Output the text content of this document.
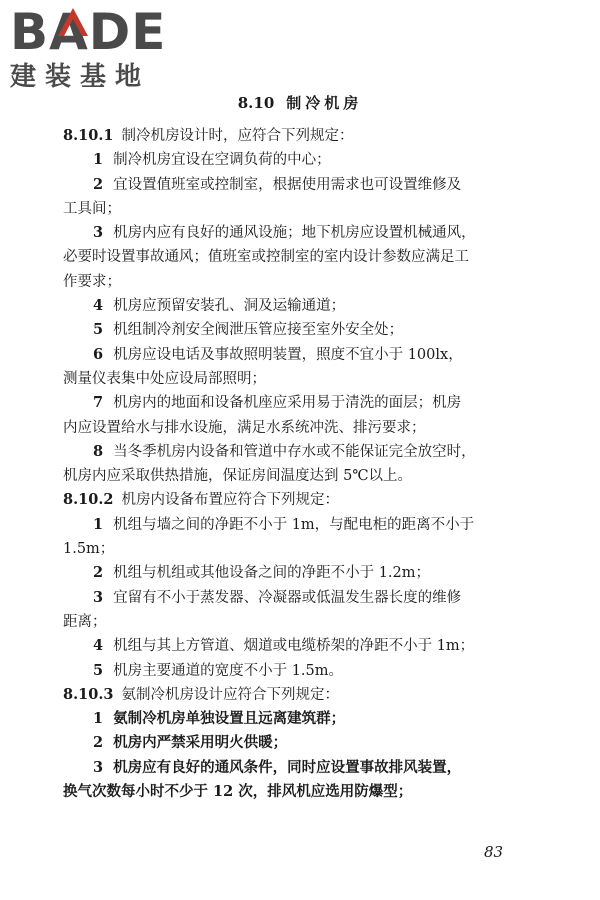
BADE
建装基地
8.10 制冷机房
8.10.1 制冷机房设计时，应符合下列规定：
1 制冷机房宜设在空调负荷的中心；
2 宜设置值班室或控制室，根据使用需求也可设置维修及
工具间；
3 机房内应有良好的通风设施；地下机房应设置机械通风，
必要时设置事故通风；值班室或控制室的室内设计参数应满足工
作要求；
4 机房应预留安装孔、洞及运输通道；
5 机组制冷剂安全阀泄压管应接至室外安全处；
6 机房应设电话及事故照明装置，照度不宜小于 100lx，
测量仪表集中处应设局部照明；
7 机房内的地面和设备机座应采用易于清洗的面层；机房
内应设置给水与排水设施，满足水系统冲洗、排污要求；
8 当冬季机房内设备和管道中存水或不能保证完全放空时，
机房内应采取供热措施，保证房间温度达到 5℃以上。
8.10.2 机房内设备布置应符合下列规定：
1 机组与墙之间的净距不小于 1m，与配电柜的距离不小于
1.5m；
2 机组与机组或其他设备之间的净距不小于 1.2m；
3 宜留有不小于蒸发器、冷凝器或低温发生器长度的维修
距离；
4 机组与其上方管道、烟道或电缆桥架的净距不小于 1m；
5 机房主要通道的宽度不小于 1.5m。
8.10.3 氨制冷机房设计应符合下列规定：
1 氨制冷机房单独设置且远离建筑群；
2 机房内严禁采用明火供暖；
3 机房应有良好的通风条件，同时应设置事故排风装置，
换气次数每小时不少于 12 次，排风机应选用防爆型；
83
